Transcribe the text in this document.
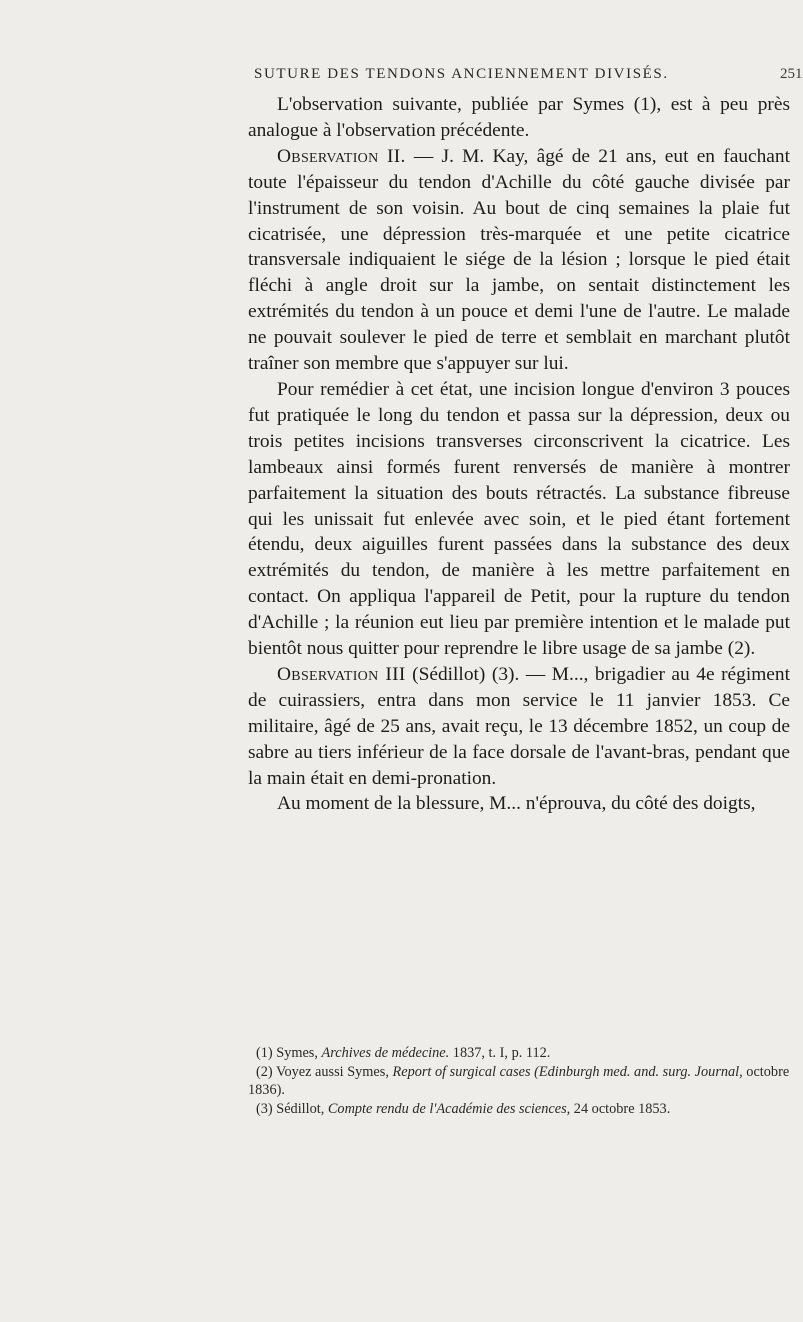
SUTURE DES TENDONS ANCIENNEMENT DIVISÉS.	251

L'observation suivante, publiée par Symes (1), est à peu près analogue à l'observation précédente.

Observation II. — J. M. Kay, âgé de 21 ans, eut en fauchant toute l'épaisseur du tendon d'Achille du côté gauche divisée par l'instrument de son voisin. Au bout de cinq semaines la plaie fut cicatrisée, une dépression très-marquée et une petite cicatrice transversale indiquaient le siége de la lésion ; lorsque le pied était fléchi à angle droit sur la jambe, on sentait distinctement les extrémités du tendon à un pouce et demi l'une de l'autre. Le malade ne pouvait soulever le pied de terre et semblait en marchant plutôt traîner son membre que s'appuyer sur lui.

Pour remédier à cet état, une incision longue d'environ 3 pouces fut pratiquée le long du tendon et passa sur la dépression, deux ou trois petites incisions transverses circonscrivent la cicatrice. Les lambeaux ainsi formés furent renversés de manière à montrer parfaitement la situation des bouts rétractés. La substance fibreuse qui les unissait fut enlevée avec soin, et le pied étant fortement étendu, deux aiguilles furent passées dans la substance des deux extrémités du tendon, de manière à les mettre parfaitement en contact. On appliqua l'appareil de Petit, pour la rupture du tendon d'Achille ; la réunion eut lieu par première intention et le malade put bientôt nous quitter pour reprendre le libre usage de sa jambe (2).

Observation III (Sédillot) (3). — M..., brigadier au 4e régiment de cuirassiers, entra dans mon service le 11 janvier 1853. Ce militaire, âgé de 25 ans, avait reçu, le 13 décembre 1852, un coup de sabre au tiers inférieur de la face dorsale de l'avant-bras, pendant que la main était en demi-pronation.

Au moment de la blessure, M... n'éprouva, du côté des doigts,

(1) Symes, Archives de médecine. 1837, t. I, p. 112.

(2) Voyez aussi Symes, Report of surgical cases (Edinburgh med. and. surg. Journal, octobre 1836).

(3) Sédillot, Compte rendu de l'Académie des sciences, 24 octobre 1853.
